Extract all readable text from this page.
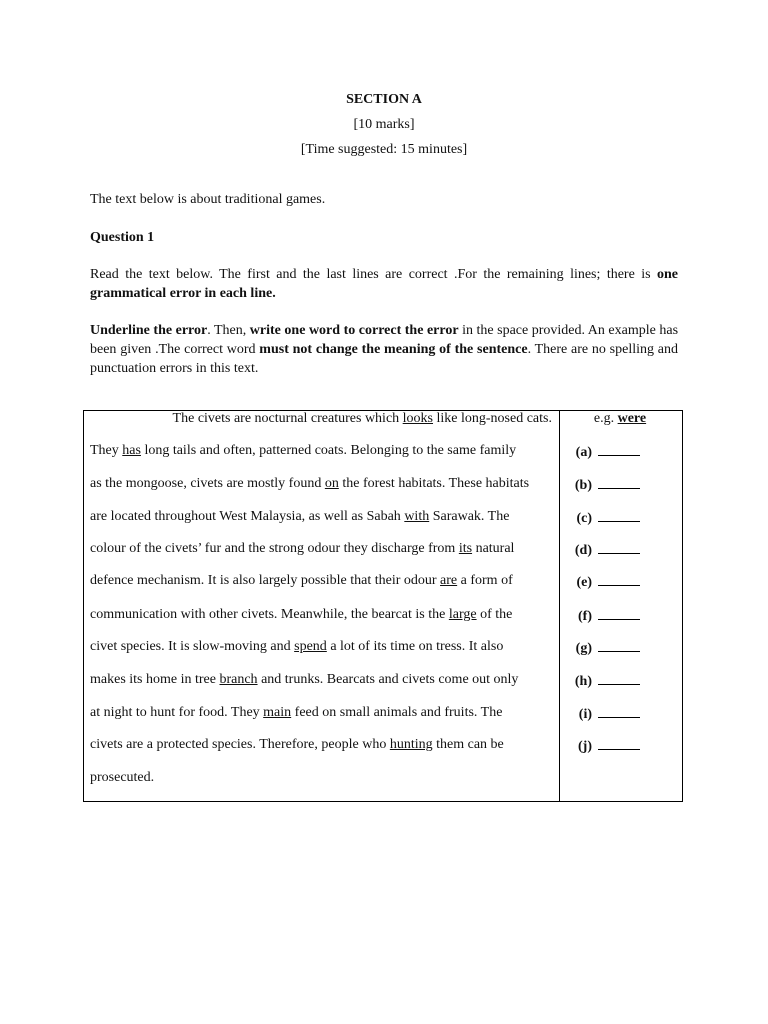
SECTION A
[10 marks]
[Time suggested: 15 minutes]
The text below is about traditional games.
Question 1
Read the text below. The first and the last lines are correct .For the remaining lines; there is one grammatical error in each line.
Underline the error. Then, write one word to correct the error in the space provided. An example has been given .The correct word must not change the meaning of the sentence. There are no spelling and punctuation errors in this text.
The civets are nocturnal creatures which looks like long-nosed cats.
They has long tails and often, patterned coats. Belonging to the same family
as the mongoose, civets are mostly found on the forest habitats. These habitats
are located throughout West Malaysia, as well as Sabah with Sarawak. The
colour of the civets’ fur and the strong odour they discharge from its natural
defence mechanism. It is also largely possible that their odour are a form of
communication with other civets. Meanwhile, the bearcat is the large of the
civet species. It is slow-moving and spend a lot of its time on tress. It also
makes its home in tree branch and trunks. Bearcats and civets come out only
at night to hunt for food. They main feed on small animals and fruits. The
civets are a protected species. Therefore, people who hunting them can be
prosecuted.
e.g. were
(a)
(b)
(c)
(d)
(e)
(f)
(g)
(h)
(i)
(j)
